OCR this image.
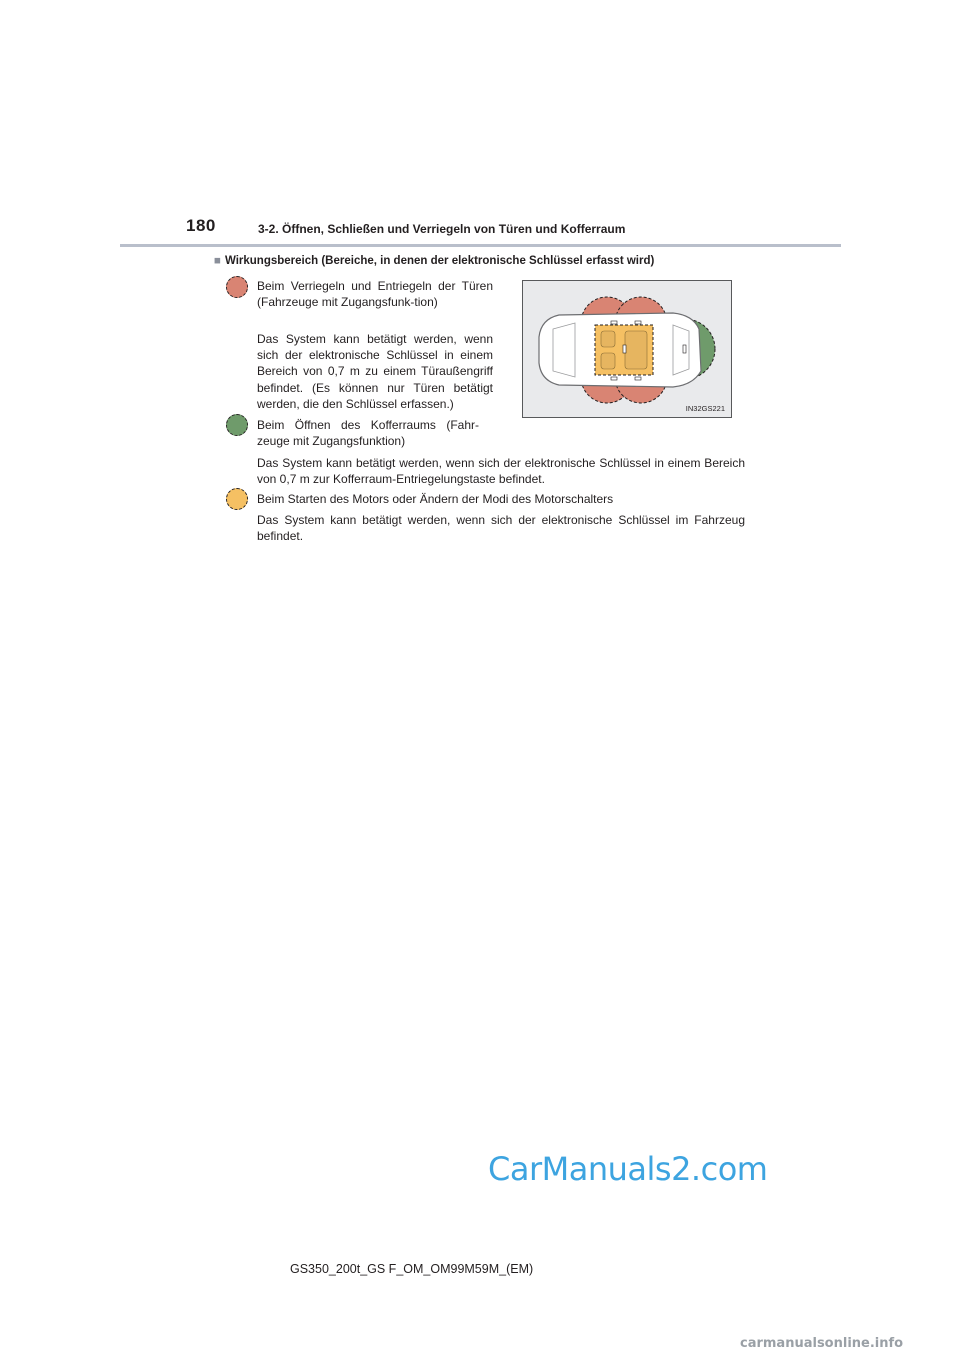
180	3-2. Öffnen, Schließen und Verriegeln von Türen und Kofferraum
■ Wirkungsbereich (Bereiche, in denen der elektronische Schlüssel erfasst wird)
Beim Verriegeln und Entriegeln der Türen (Fahrzeuge mit Zugangsfunk-tion)
Das System kann betätigt werden, wenn sich der elektronische Schlüssel in einem Bereich von 0,7 m zu einem Türaußengriff befindet. (Es können nur Türen betätigt werden, die den Schlüssel erfassen.)
Beim Öffnen des Kofferraums (Fahr-zeuge mit Zugangsfunktion)
Das System kann betätigt werden, wenn sich der elektronische Schlüssel in einem Bereich von 0,7 m zur Kofferraum-Entriegelungstaste befindet.
Beim Starten des Motors oder Ändern der Modi des Motorschalters
Das System kann betätigt werden, wenn sich der elektronische Schlüssel im Fahrzeug befindet.
IN32GS221
CarManuals2.com
carmanualsonline.info
GS350_200t_GS F_OM_OM99M59M_(EM)
